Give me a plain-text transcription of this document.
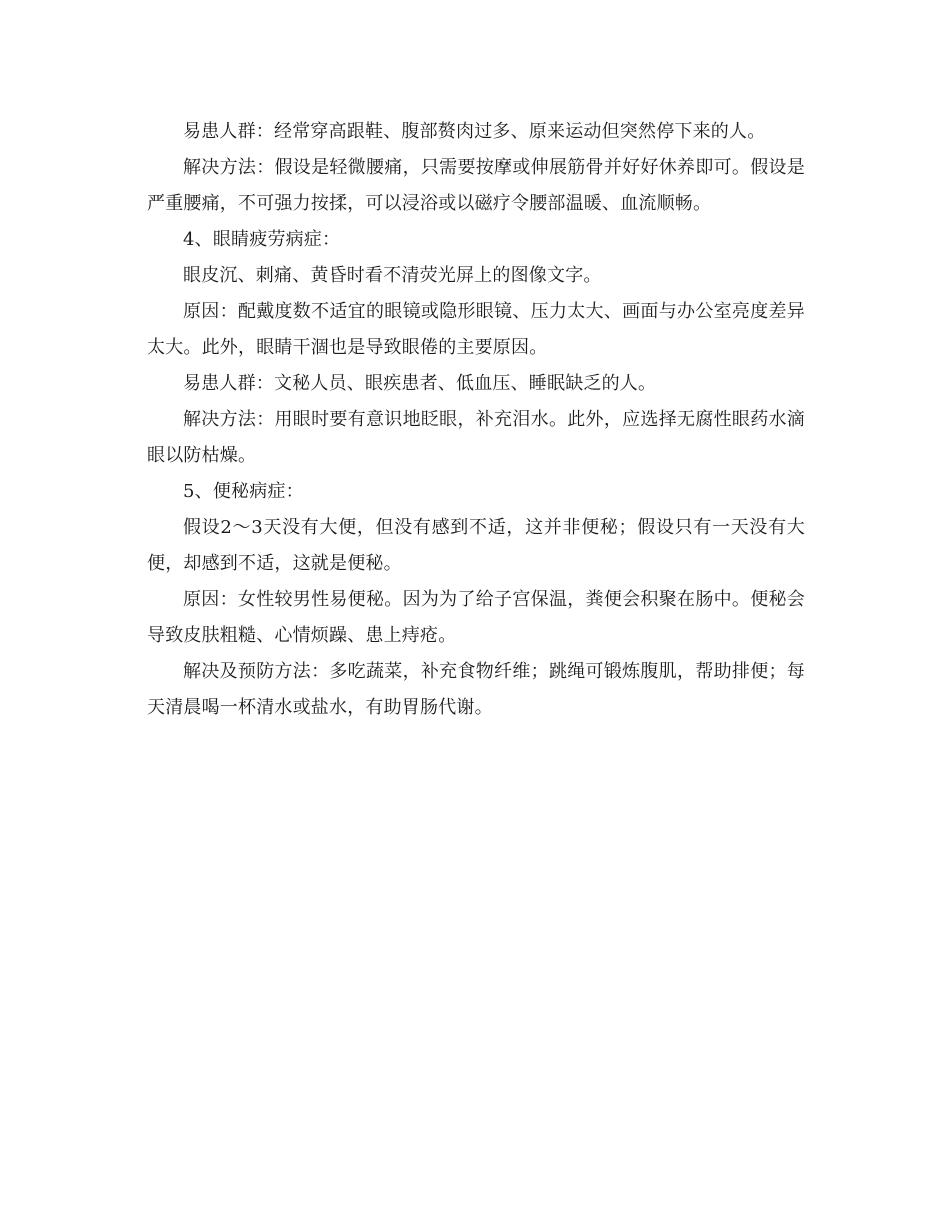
易患人群：经常穿高跟鞋、腹部赘肉过多、原来运动但突然停下来的人。

解决方法：假设是轻微腰痛，只需要按摩或伸展筋骨并好好休养即可。假设是严重腰痛，不可强力按揉，可以浸浴或以磁疗令腰部温暖、血流顺畅。

4、眼睛疲劳病症：

眼皮沉、刺痛、黄昏时看不清荧光屏上的图像文字。

原因：配戴度数不适宜的眼镜或隐形眼镜、压力太大、画面与办公室亮度差异太大。此外，眼睛干涸也是导致眼倦的主要原因。

易患人群：文秘人员、眼疾患者、低血压、睡眠缺乏的人。

解决方法：用眼时要有意识地眨眼，补充泪水。此外，应选择无腐性眼药水滴眼以防枯燥。

5、便秘病症：

假设2～3天没有大便，但没有感到不适，这并非便秘；假设只有一天没有大便，却感到不适，这就是便秘。

原因：女性较男性易便秘。因为为了给子宫保温，粪便会积聚在肠中。便秘会导致皮肤粗糙、心情烦躁、患上痔疮。

解决及预防方法：多吃蔬菜，补充食物纤维；跳绳可锻炼腹肌，帮助排便；每天清晨喝一杯清水或盐水，有助胃肠代谢。
